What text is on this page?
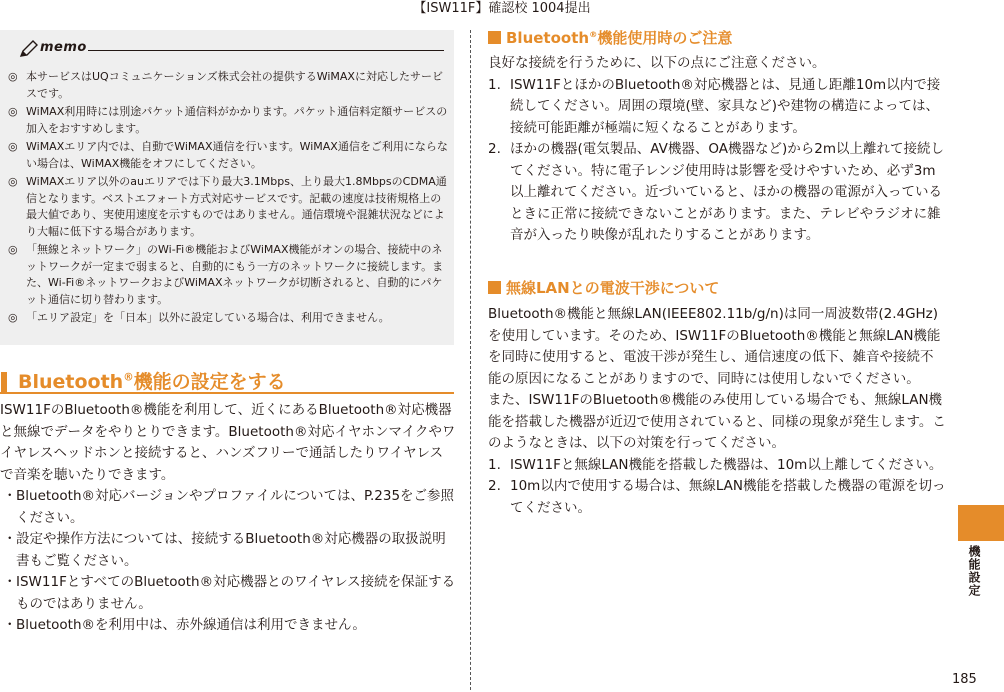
【ISW11F】確認校 1004提出
memo
◎ 本サービスはUQコミュニケーションズ株式会社の提供するWiMAXに対応したサービスです。
◎ WiMAX利用時には別途パケット通信料がかかります。パケット通信料定額サービスの加入をおすすめします。
◎ WiMAXエリア内では、自動でWiMAX通信を行います。WiMAX通信をご利用にならない場合は、WiMAX機能をオフにしてください。
◎ WiMAXエリア以外のauエリアでは下り最大3.1Mbps、上り最大1.8MbpsのCDMA通信となります。ベストエフォート方式対応サービスです。記載の速度は技術規格上の最大値であり、実使用速度を示すものではありません。通信環境や混雑状況などにより大幅に低下する場合があります。
◎ 「無線とネットワーク」のWi-Fi®機能およびWiMAX機能がオンの場合、接続中のネットワークが一定まで弱まると、自動的にもう一方のネットワークに接続します。また、Wi-Fi®ネットワークおよびWiMAXネットワークが切断されると、自動的にパケット通信に切り替わります。
◎ 「エリア設定」を「日本」以外に設定している場合は、利用できません。
Bluetooth®機能の設定をする

ISW11FのBluetooth®機能を利用して、近くにあるBluetooth®対応機器と無線でデータをやりとりできます。Bluetooth®対応イヤホンマイクやワイヤレスヘッドホンと接続すると、ハンズフリーで通話したりワイヤレスで音楽を聴いたりできます。

・ Bluetooth®対応バージョンやプロファイルについては、P.235をご参照ください。
・ 設定や操作方法については、接続するBluetooth®対応機器の取扱説明書もご覧ください。
・ ISW11FとすべてのBluetooth®対応機器とのワイヤレス接続を保証するものではありません。
・ Bluetooth®を利用中は、赤外線通信は利用できません。
Bluetooth®機能使用時のご注意

良好な接続を行うために、以下の点にご注意ください。

1. ISW11FとほかのBluetooth®対応機器とは、見通し距離10m以内で接続してください。周囲の環境(壁、家具など)や建物の構造によっては、接続可能距離が極端に短くなることがあります。
2. ほかの機器(電気製品、AV機器、OA機器など)から2m以上離れて接続してください。特に電子レンジ使用時は影響を受けやすいため、必ず3m以上離れてください。近づいていると、ほかの機器の電源が入っているときに正常に接続できないことがあります。また、テレビやラジオに雑音が入ったり映像が乱れたりすることがあります。
無線LANとの電波干渉について

Bluetooth®機能と無線LAN(IEEE802.11b/g/n)は同一周波数帯(2.4GHz)を使用しています。そのため、ISW11FのBluetooth®機能と無線LAN機能を同時に使用すると、電波干渉が発生し、通信速度の低下、雑音や接続不能の原因になることがありますので、同時には使用しないでください。

また、ISW11FのBluetooth®機能のみ使用している場合でも、無線LAN機能を搭載した機器が近辺で使用されていると、同様の現象が発生します。このようなときは、以下の対策を行ってください。

1. ISW11Fと無線LAN機能を搭載した機器は、10m以上離してください。
2. 10m以内で使用する場合は、無線LAN機能を搭載した機器の電源を切ってください。
機能設定
185
